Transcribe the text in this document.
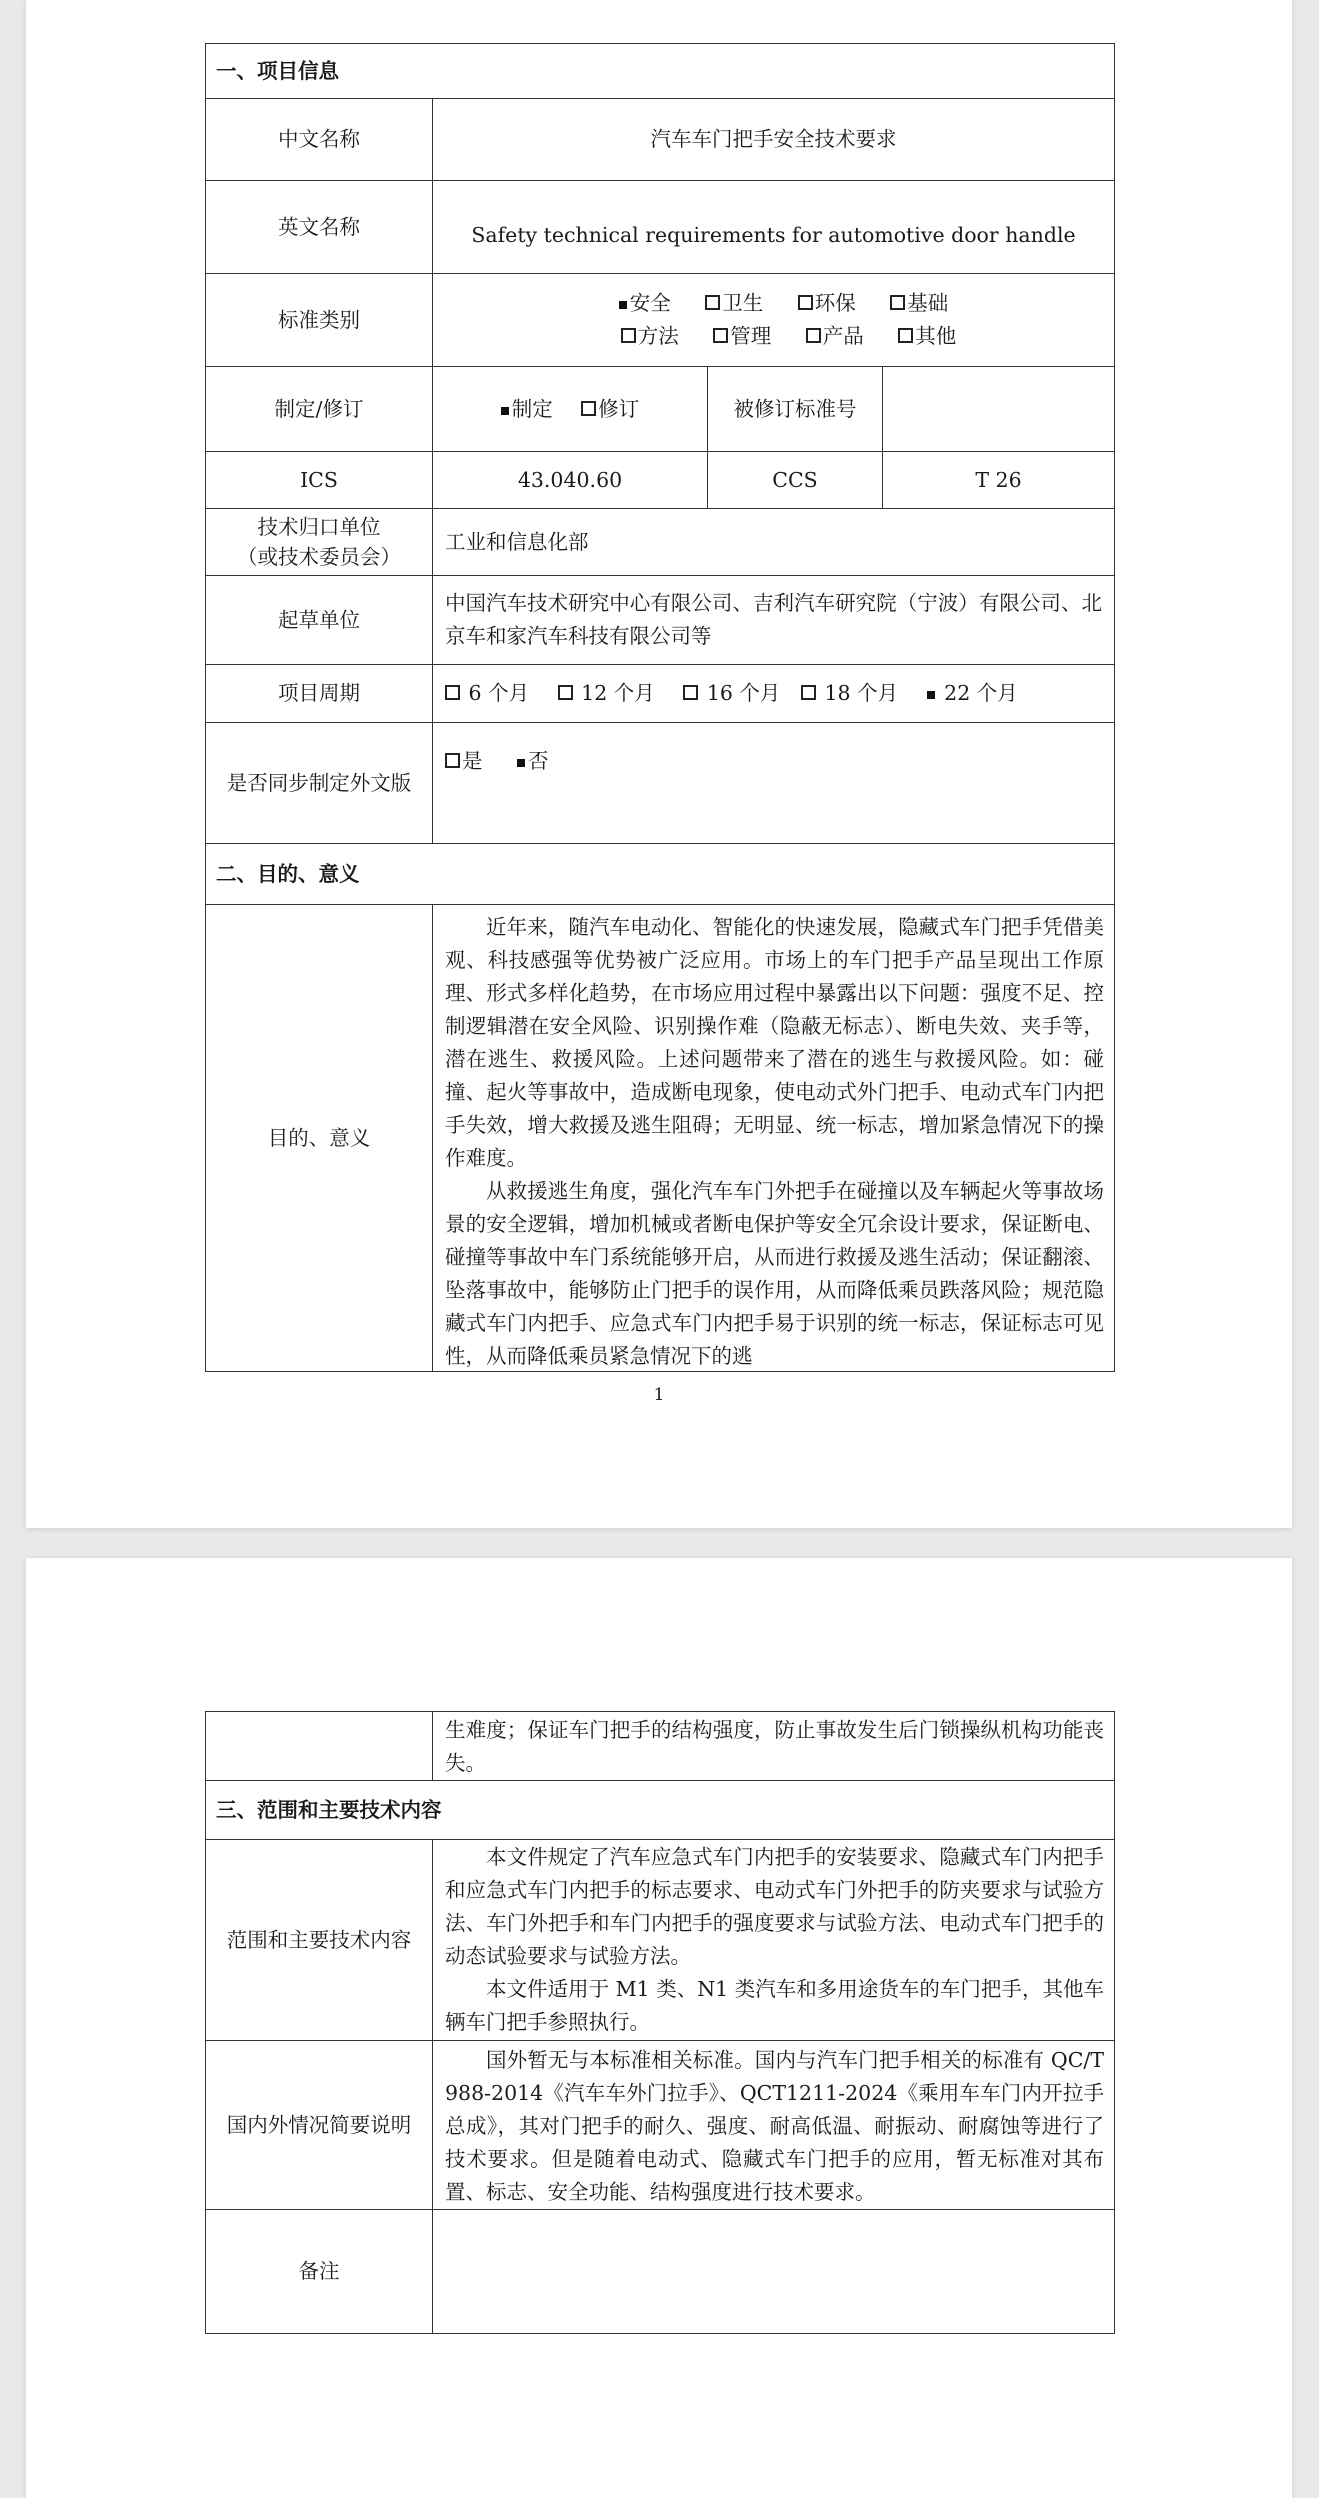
一、项目信息			
中文名称	汽车车门把手安全技术要求		
英文名称	Safety technical requirements for automotive door handle		
标准类别	安全 卫生 环保 基础
方法 管理 产品 其他		

制定/修订	制定 修订	被修订标准号	
ICS	43.040.60	CCS	T 26

技术归口单位
（或技术委员会）	工业和信息化部		
起草单位	中国汽车技术研究中心有限公司、吉利汽车研究院（宁波）有限公司、北京车和家汽车科技有限公司等		
项目周期	6 个月 12 个月 16 个月 18 个月 22 个月		
是否同步制定外文版	是 否		
二、目的、意义			
目的、意义	近年来，随汽车电动化、智能化的快速发展，隐藏式车门把手凭借美观、科技感强等优势被广泛应用。市场上的车门把手产品呈现出工作原理、形式多样化趋势，在市场应用过程中暴露出以下问题：强度不足、控制逻辑潜在安全风险、识别操作难（隐蔽无标志）、断电失效、夹手等，潜在逃生、救援风险。上述问题带来了潜在的逃生与救援风险。如：碰撞、起火等事故中，造成断电现象，使电动式外门把手、电动式车门内把手失效，增大救援及逃生阻碍；无明显、统一标志，增加紧急情况下的操作难度。

从救援逃生角度，强化汽车车门外把手在碰撞以及车辆起火等事故场景的安全逻辑，增加机械或者断电保护等安全冗余设计要求，保证断电、碰撞等事故中车门系统能够开启，从而进行救援及逃生活动；保证翻滚、坠落事故中，能够防止门把手的误作用，从而降低乘员跌落风险；规范隐藏式车门内把手、应急式车门内把手易于识别的统一标志，保证标志可见性，从而降低乘员紧急情况下的逃		

1

	生难度；保证车门把手的结构强度，防止事故发生后门锁操纵机构功能丧失。

三、范围和主要技术内容	
范围和主要技术内容	本文件规定了汽车应急式车门内把手的安装要求、隐藏式车门内把手和应急式车门内把手的标志要求、电动式车门外把手的防夹要求与试验方法、车门外把手和车门内把手的强度要求与试验方法、电动式车门把手的动态试验要求与试验方法。

本文件适用于 M1 类、N1 类汽车和多用途货车的车门把手，其他车辆车门把手参照执行。

国内外情况简要说明	国外暂无与本标准相关标准。国内与汽车门把手相关的标准有 QC/T 988-2014《汽车车外门拉手》、QCT1211-2024《乘用车车门内开拉手总成》，其对门把手的耐久、强度、耐高低温、耐振动、耐腐蚀等进行了技术要求。但是随着电动式、隐藏式车门把手的应用，暂无标准对其布置、标志、安全功能、结构强度进行技术要求。

备注	
